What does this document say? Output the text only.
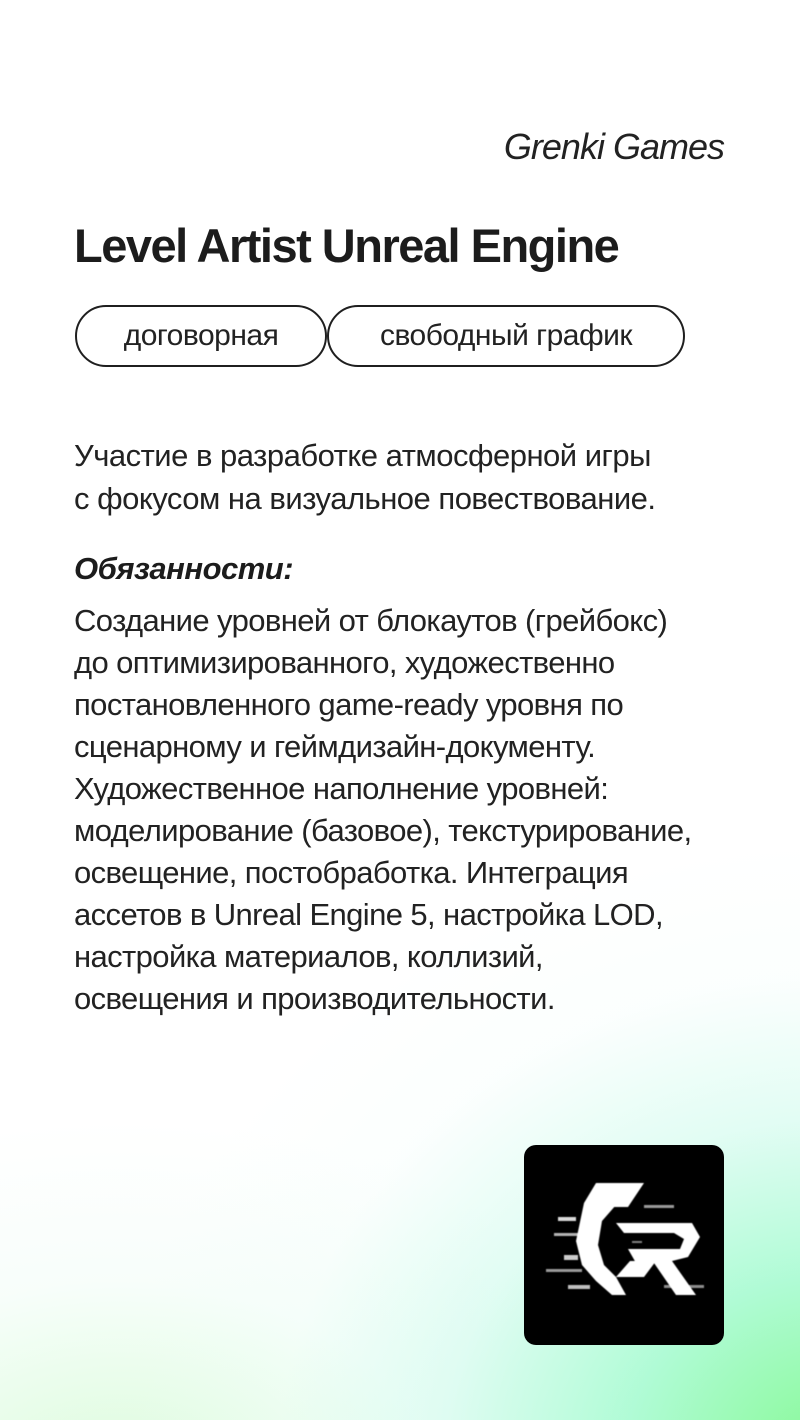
Grenki Games
Level Artist Unreal Engine
договорная	свободный график
Участие в разработке атмосферной игры
с фокусом на визуальное повествование.
Обязанности:
Создание уровней от блокаутов (грейбокс)
до оптимизированного, художественно
постановленного game-ready уровня по
сценарному и геймдизайн-документу.
Художественное наполнение уровней:
моделирование (базовое), текстурирование,
освещение, постобработка. Интеграция
ассетов в Unreal Engine 5, настройка LOD,
настройка материалов, коллизий,
освещения и производительности.
